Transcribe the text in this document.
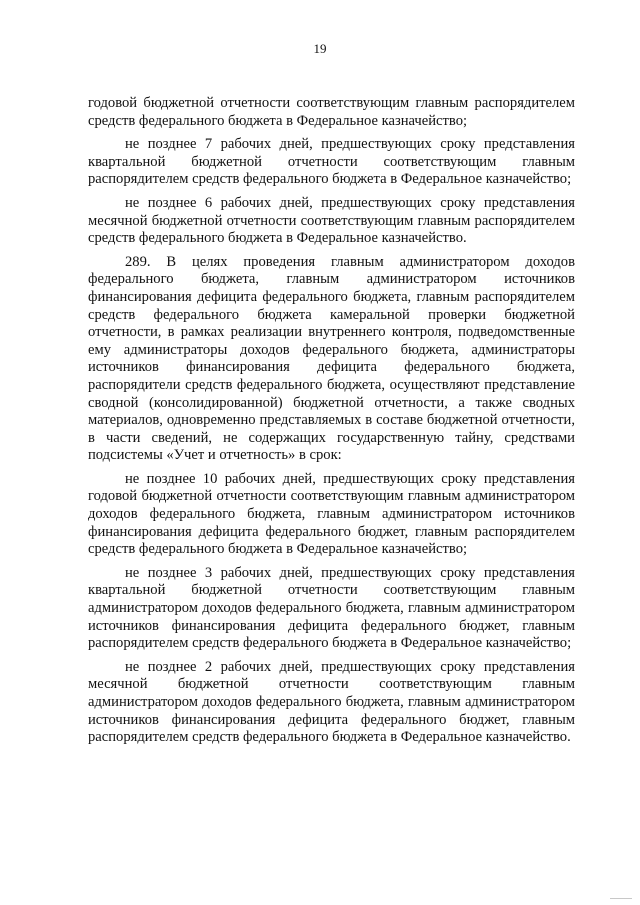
19

годовой бюджетной отчетности соответствующим главным распорядителем средств федерального бюджета в Федеральное казначейство;

не позднее 7 рабочих дней, предшествующих сроку представления квартальной бюджетной отчетности соответствующим главным распорядителем средств федерального бюджета в Федеральное казначейство;

не позднее 6 рабочих дней, предшествующих сроку представления месячной бюджетной отчетности соответствующим главным распорядителем средств федерального бюджета в Федеральное казначейство.

289. В целях проведения главным администратором доходов федерального бюджета, главным администратором источников финансирования дефицита федерального бюджета, главным распорядителем средств федерального бюджета камеральной проверки бюджетной отчетности, в рамках реализации внутреннего контроля, подведомственные ему администраторы доходов федерального бюджета, администраторы источников финансирования дефицита федерального бюджета, распорядители средств федерального бюджета, осуществляют представление сводной (консолидированной) бюджетной отчетности, а также сводных материалов, одновременно представляемых в составе бюджетной отчетности, в части сведений, не содержащих государственную тайну, средствами подсистемы «Учет и отчетность» в срок:

не позднее 10 рабочих дней, предшествующих сроку представления годовой бюджетной отчетности соответствующим главным администратором доходов федерального бюджета, главным администратором источников финансирования дефицита федерального бюджет, главным распорядителем средств федерального бюджета в Федеральное казначейство;

не позднее 3 рабочих дней, предшествующих сроку представления квартальной бюджетной отчетности соответствующим главным администратором доходов федерального бюджета, главным администратором источников финансирования дефицита федерального бюджет, главным распорядителем средств федерального бюджета в Федеральное казначейство;

не позднее 2 рабочих дней, предшествующих сроку представления месячной бюджетной отчетности соответствующим главным администратором доходов федерального бюджета, главным администратором источников финансирования дефицита федерального бюджет, главным распорядителем средств федерального бюджета в Федеральное казначейство.
